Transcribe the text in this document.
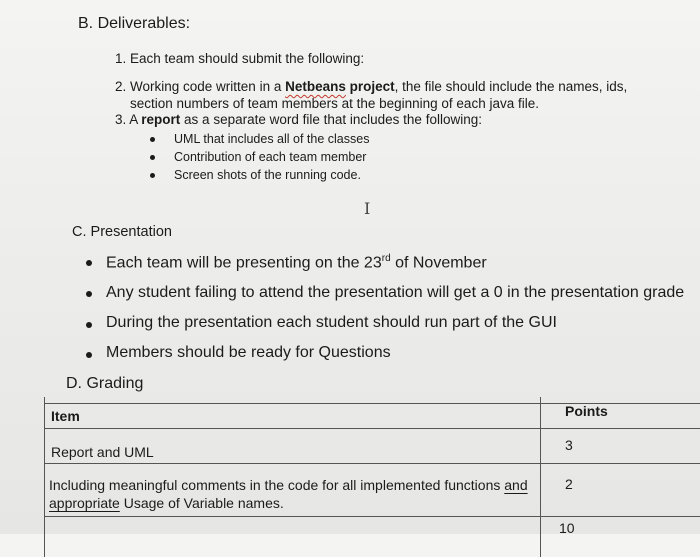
B. Deliverables:
1. Each team should submit the following:
2. Working code written in a Netbeans project, the file should include the names, ids,
section numbers of team members at the beginning of each java file.
3. A report as a separate word file that includes the following:
UML that includes all of the classes
Contribution of each team member
Screen shots of the running code.
I
C. Presentation
Each team will be presenting on the 23rd of November
Any student failing to attend the presentation will get a 0 in the presentation grade
During the presentation each student should run part of the GUI
Members should be ready for Questions
D. Grading
Item	Points
Report and UML	3
Including meaningful comments in the code for all implemented functions and
appropriate Usage of Variable names.
2
10
